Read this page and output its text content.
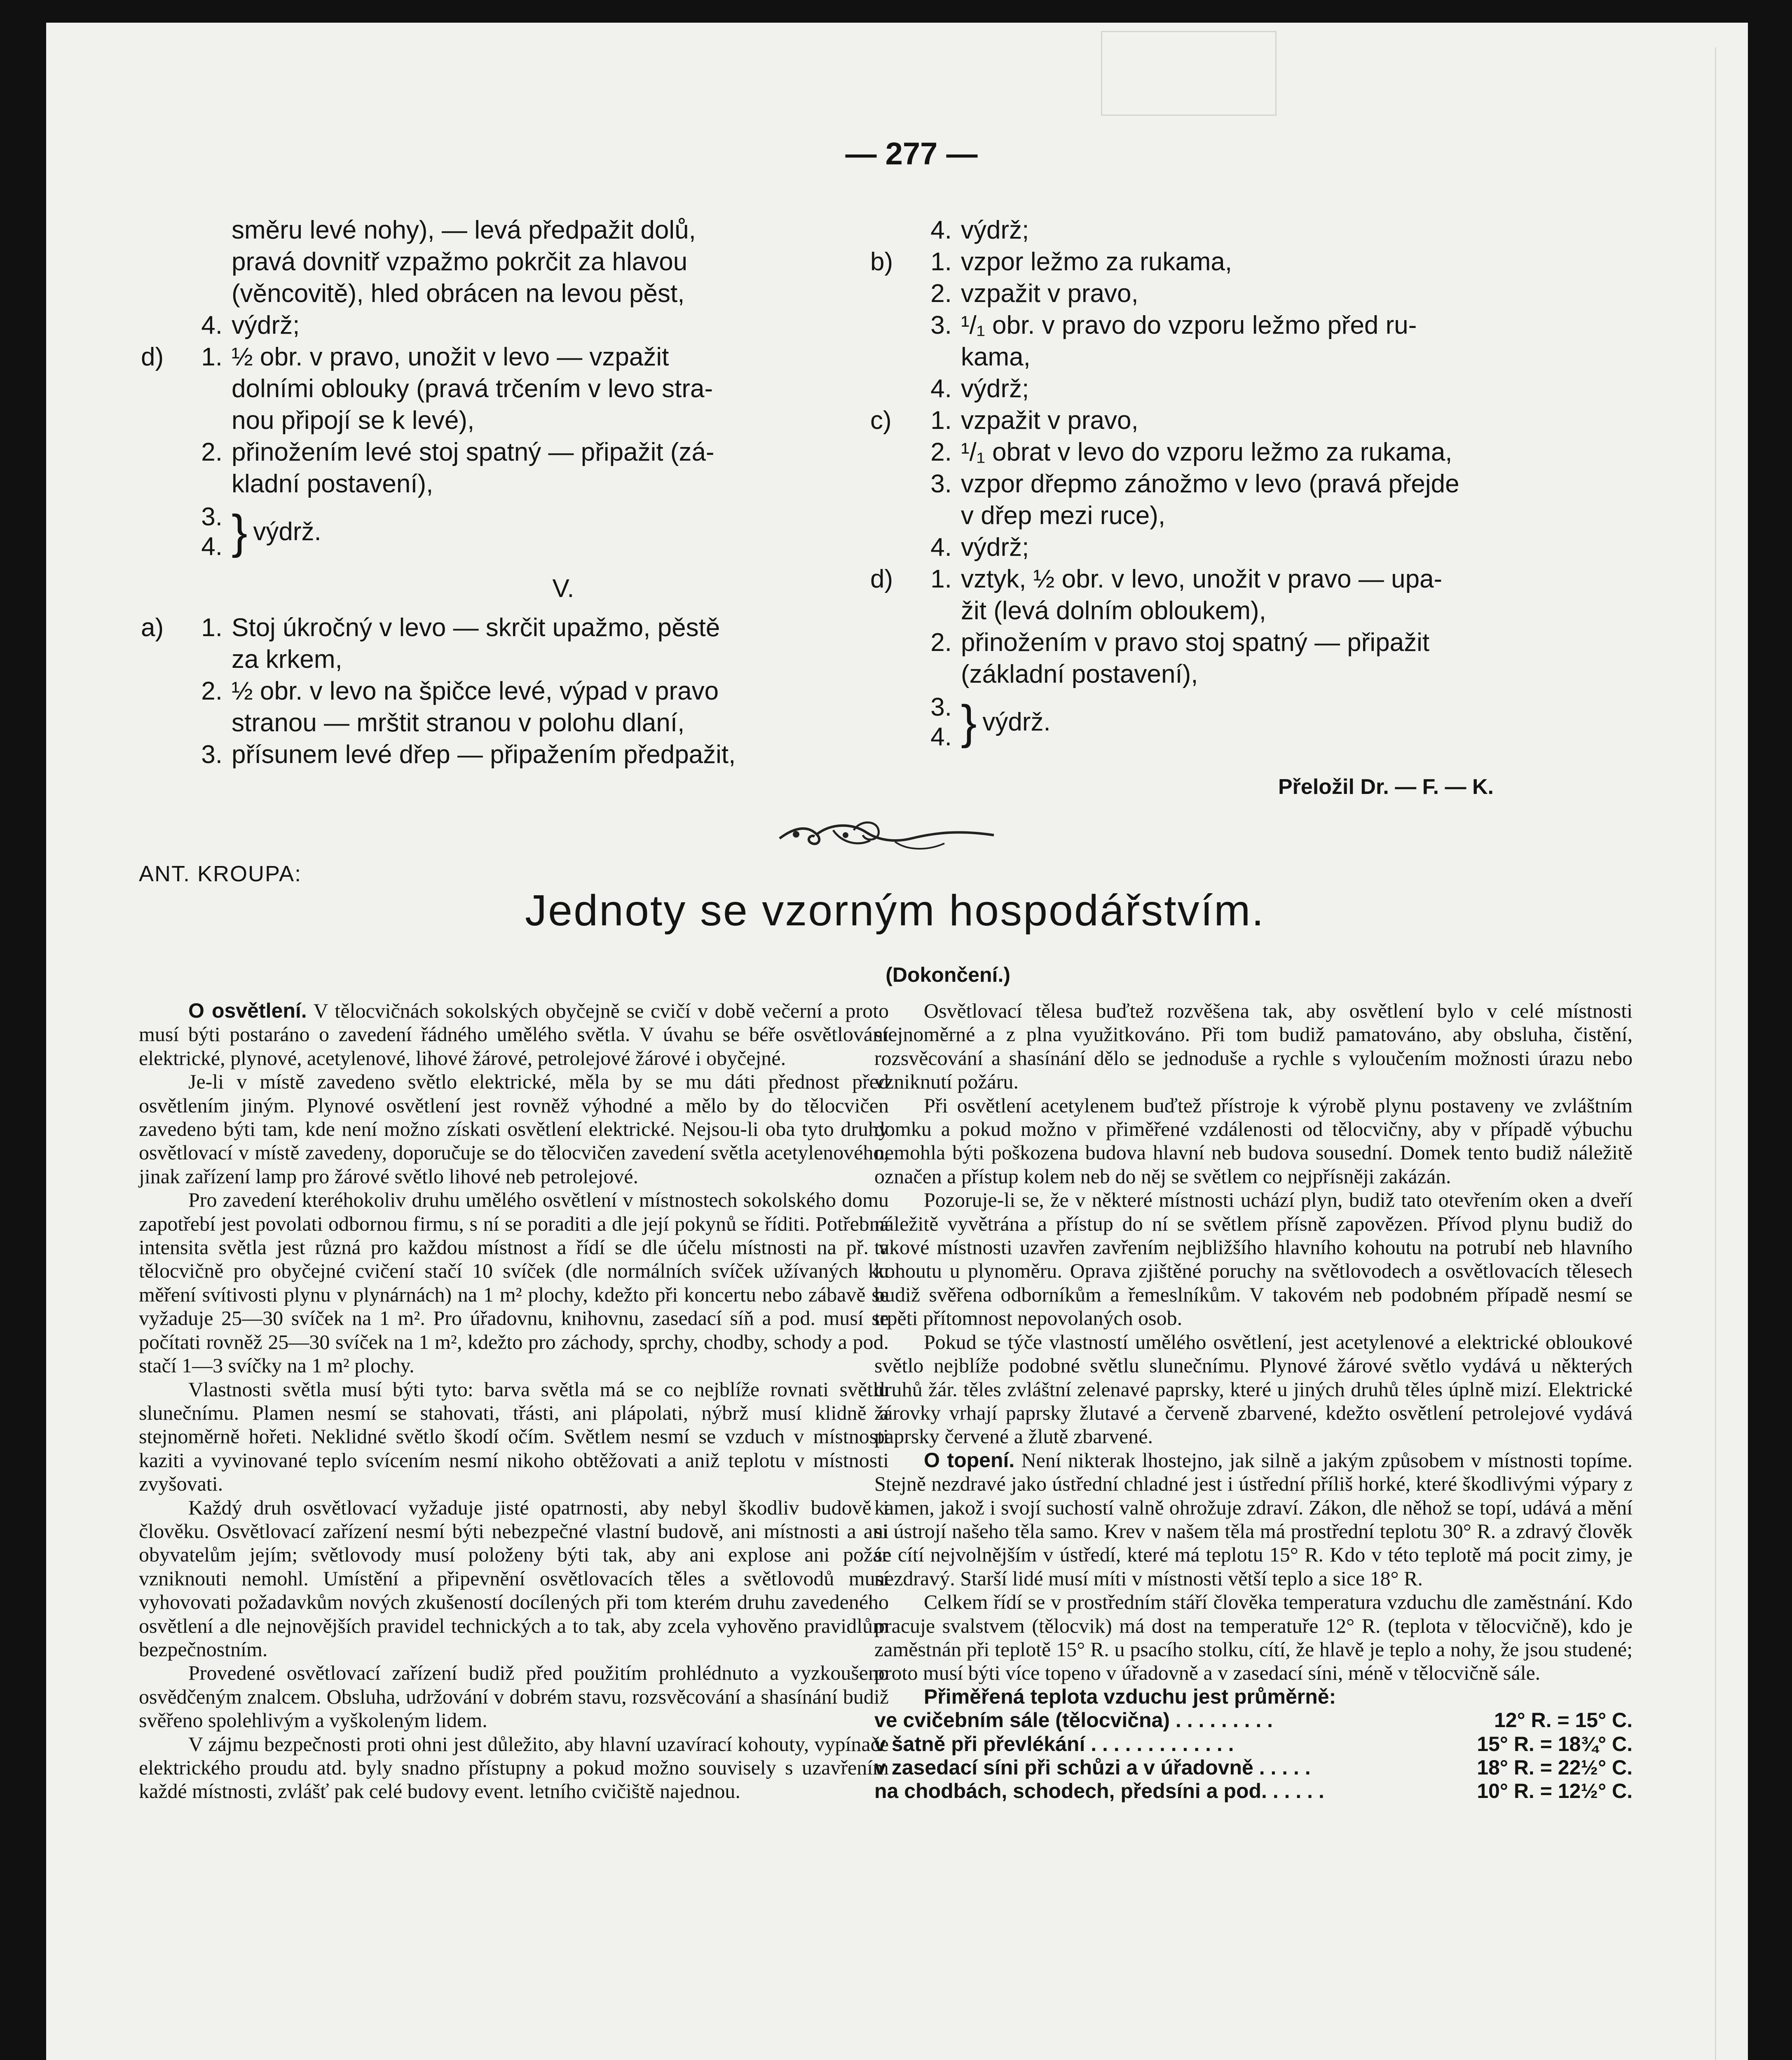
— 277 —
směru levé nohy), — levá předpažit dolů,
pravá dovnitř vzpažmo pokrčit za hlavou
(věncovitě), hled obrácen na levou pěst,
4. výdrž;
d)	1. ½ obr. v pravo, unožit v levo — vzpažit
dolními oblouky (pravá trčením v levo stra-
nou připojí se k levé),
2. přinožením levé stoj spatný — připažit (zá-
kladní postavení),
3.
4. } výdrž.
V.
a)	1. Stoj úkročný v levo — skrčit upažmo, pěstě
za krkem,
2. ½ obr. v levo na špičce levé, výpad v pravo
stranou — mrštit stranou v polohu dlaní,
3. přísunem levé dřep — připažením předpažit,
4. výdrž;
b)	1. vzpor ležmo za rukama,
2. vzpažit v pravo,
3. ¹/₁ obr. v pravo do vzporu ležmo před ru-
kama,
4. výdrž;
c)	1. vzpažit v pravo,
2. ¹/₁ obrat v levo do vzporu ležmo za rukama,
3. vzpor dřepmo zánožmo v levo (pravá přejde
v dřep mezi ruce),
4. výdrž;
d)	1. vztyk, ½ obr. v levo, unožit v pravo — upa-
žit (levá dolním obloukem),
2. přinožením v pravo stoj spatný — připažit
(základní postavení),
3.
4. } výdrž.
Přeložil Dr. — F. — K.
ANT. KROUPA:
Jednoty se vzorným hospodářstvím.
(Dokončení.)

O osvětlení. V tělocvičnách sokolských obyčejně se cvičí v době večerní a proto musí býti postaráno o zavedení řádného umělého světla. V úvahu se béře osvětlování elektrické, plynové, acetylenové, lihové žárové, petrolejové žárové i obyčejné.

Je-li v místě zavedeno světlo elektrické, měla by se mu dáti přednost před osvětlením jiným. Plynové osvětlení jest rovněž výhodné a mělo by do tělocvičen zavedeno býti tam, kde není možno získati osvětlení elektrické. Nejsou-li oba tyto druhy osvětlovací v místě zavedeny, doporučuje se do tělocvičen zavedení světla acetylenového, jinak zařízení lamp pro žárové světlo lihové neb petrolejové.

Pro zavedení kteréhokoliv druhu umělého osvětlení v místnostech sokolského domu zapotřebí jest povolati odbornou firmu, s ní se poraditi a dle její pokynů se říditi. Potřebná intensita světla jest různá pro každou místnost a řídí se dle účelu místnosti na př. v tělocvičně pro obyčejné cvičení stačí 10 svíček (dle normálních svíček užívaných ku měření svítivosti plynu v plynárnách) na 1 m² plochy, kdežto při koncertu nebo zábavě se vyžaduje 25—30 svíček na 1 m². Pro úřadovnu, knihovnu, zasedací síň a pod. musí se počítati rovněž 25—30 svíček na 1 m², kdežto pro záchody, sprchy, chodby, schody a pod. stačí 1—3 svíčky na 1 m² plochy.

Vlastnosti světla musí býti tyto: barva světla má se co nejblíže rovnati světlu slunečnímu. Plamen nesmí se stahovati, třásti, ani plápolati, nýbrž musí klidně a stejnoměrně hořeti. Neklidné světlo škodí očím. Světlem nesmí se vzduch v místnosti kaziti a vyvinované teplo svícením nesmí nikoho obtěžovati a aniž teplotu v místnosti zvyšovati.

Každý druh osvětlovací vyžaduje jisté opatrnosti, aby nebyl škodliv budově i člověku. Osvětlovací zařízení nesmí býti nebezpečné vlastní budově, ani místnosti a ani obyvatelům jejím; světlovody musí položeny býti tak, aby ani explose ani požár vzniknouti nemohl. Umístění a připevnění osvětlovacích těles a světlovodů musí vyhovovati požadavkům nových zkušeností docílených při tom kterém druhu zavedeného osvětlení a dle nejnovějších pravidel technických a to tak, aby zcela vyhověno pravidlům bezpečnostním.

Provedené osvětlovací zařízení budiž před použitím prohlédnuto a vyzkoušeno osvědčeným znalcem. Obsluha, udržování v dobrém stavu, rozsvěcování a shasínání budiž svěřeno spolehlivým a vyškoleným lidem.

V zájmu bezpečnosti proti ohni jest důležito, aby hlavní uzavírací kohouty, vypínače elektrického proudu atd. byly snadno přístupny a pokud možno souvisely s uzavřením každé místnosti, zvlášť pak celé budovy event. letního cvičiště najednou.

Osvětlovací tělesa buďtež rozvěšena tak, aby osvětlení bylo v celé místnosti stejnoměrné a z plna využitkováno. Při tom budiž pamatováno, aby obsluha, čistění, rozsvěcování a shasínání dělo se jednoduše a rychle s vyloučením možnosti úrazu nebo vzniknutí požáru.

Při osvětlení acetylenem buďtež přístroje k výrobě plynu postaveny ve zvláštním domku a pokud možno v přiměřené vzdálenosti od tělocvičny, aby v případě výbuchu nemohla býti poškozena budova hlavní neb budova sousední. Domek tento budiž náležitě označen a přístup kolem neb do něj se světlem co nejpřísněji zakázán.

Pozoruje-li se, že v některé místnosti uchází plyn, budiž tato otevřením oken a dveří náležitě vyvětrána a přístup do ní se světlem přísně zapovězen. Přívod plynu budiž do takové místnosti uzavřen zavřením nejbližšího hlavního kohoutu na potrubí neb hlavního kohoutu u plynoměru. Oprava zjištěné poruchy na světlovodech a osvětlovacích tělesech budiž svěřena odborníkům a řemeslníkům. V takovém neb podobném případě nesmí se trpěti přítomnost nepovolaných osob.

Pokud se týče vlastností umělého osvětlení, jest acetylenové a elektrické obloukové světlo nejblíže podobné světlu slunečnímu. Plynové žárové světlo vydává u některých druhů žár. těles zvláštní zelenavé paprsky, které u jiných druhů těles úplně mizí. Elektrické žárovky vrhají paprsky žlutavé a červeně zbarvené, kdežto osvětlení petrolejové vydává paprsky červené a žlutě zbarvené.

O topení. Není nikterak lhostejno, jak silně a jakým způsobem v místnosti topíme. Stejně nezdravé jako ústřední chladné jest i ústřední příliš horké, které škodlivými výpary z kamen, jakož i svojí suchostí valně ohrožuje zdraví. Zákon, dle něhož se topí, udává a mění si ústrojí našeho těla samo. Krev v našem těla má prostřední teplotu 30° R. a zdravý člověk se cítí nejvolnějším v ústředí, které má teplotu 15° R. Kdo v této teplotě má pocit zimy, je nezdravý. Starší lidé musí míti v místnosti větší teplo a sice 18° R.

Celkem řídí se v prostředním stáří člověka temperatura vzduchu dle zaměstnání. Kdo pracuje svalstvem (tělocvik) má dost na temperatuře 12° R. (teplota v tělocvičně), kdo je zaměstnán při teplotě 15° R. u psacího stolku, cítí, že hlavě je teplo a nohy, že jsou studené; proto musí býti více topeno v úřadovně a v zasedací síni, méně v tělocvičně sále.

Přiměřená teplota vzduchu jest průměrně:

ve cvičebním sále (tělocvična) . . . . . . . . .	12° R. = 15° C.
v šatně při převlékání . . . . . . . . . . . . .	15° R. = 18¾° C.
v zasedací síni při schůzi a v úřadovně . . . . .	18° R. = 22½° C.
na chodbách, schodech, předsíni a pod. . . . . .	10° R. = 12½° C.
